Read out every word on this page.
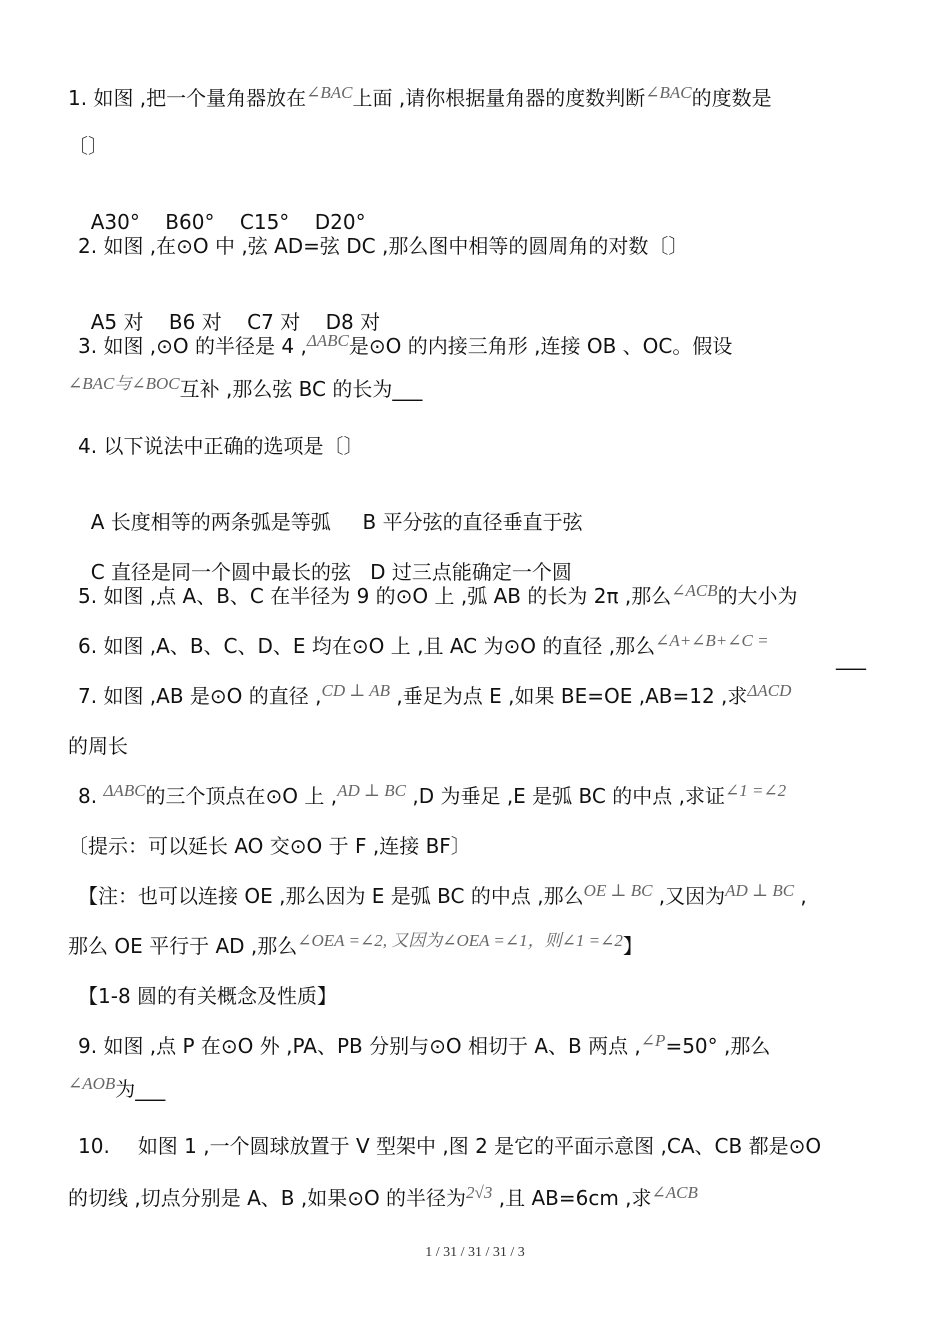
1. 如图 ,把一个量角器放在$^{\angle BAC}$上面 ,请你根据量角器的度数判断$^{\angle BAC}$的度数是
〔〕

A30°    B60°    C15°    D20°

2. 如图 ,在⊙O 中 ,弦 AD=弦 DC ,那么图中相等的圆周角的对数〔〕

A5 对    B6 对    C7 对    D8 对

3. 如图 ,⊙O 的半径是 4 ,$^{\Delta ABC}$是⊙O 的内接三角形 ,连接 OB 、OC。假设
$^{\angle BAC与\angle BOC}$互补 ,那么弦 BC 的长为___
4. 以下说法中正确的选项是〔〕

A 长度相等的两条弧是等弧     B 平分弦的直径垂直于弦

C 直径是同一个圆中最长的弦   D 过三点能确定一个圆

5. 如图 ,点 A、B、C 在半径为 9 的⊙O 上 ,弧 AB 的长为 2π ,那么$^{\angle ACB}$的大小为
6. 如图 ,A、B、C、D、E 均在⊙O 上 ,且 AC 为⊙O 的直径 ,那么$^{\angle A+\angle B+\angle C =}$
___
7. 如图 ,AB 是⊙O 的直径 ,$^{CD \perp AB}$ ,垂足为点 E ,如果 BE=OE ,AB=12 ,求$^{\Delta ACD}$
的周长
8. $^{\Delta ABC}$的三个顶点在⊙O 上 ,$^{AD \perp BC}$ ,D 为垂足 ,E 是弧 BC 的中点 ,求证$^{\angle 1 =\angle 2}$
〔提示：可以延长 AO 交⊙O 于 F ,连接 BF〕
【注：也可以连接 OE ,那么因为 E 是弧 BC 的中点 ,那么$^{OE \perp BC}$ ,又因为$^{AD \perp BC}$ ,
那么 OE 平行于 AD ,那么$^{\angle OEA =\angle 2, 又因为\angle OEA =\angle 1,则\angle 1 =\angle 2}$】
【1-8 圆的有关概念及性质】
9. 如图 ,点 P 在⊙O 外 ,PA、PB 分别与⊙O 相切于 A、B 两点 ,$^{\angle P}$=50° ,那么
$^{\angle AOB}$为___
10. 如图 1 ,一个圆球放置于 V 型架中 ,图 2 是它的平面示意图 ,CA、CB 都是⊙O
的切线 ,切点分别是 A、B ,如果⊙O 的半径为$^{2√3}$ ,且 AB=6cm ,求$^{\angle ACB}$
1 / 31 / 31 / 31 / 3
